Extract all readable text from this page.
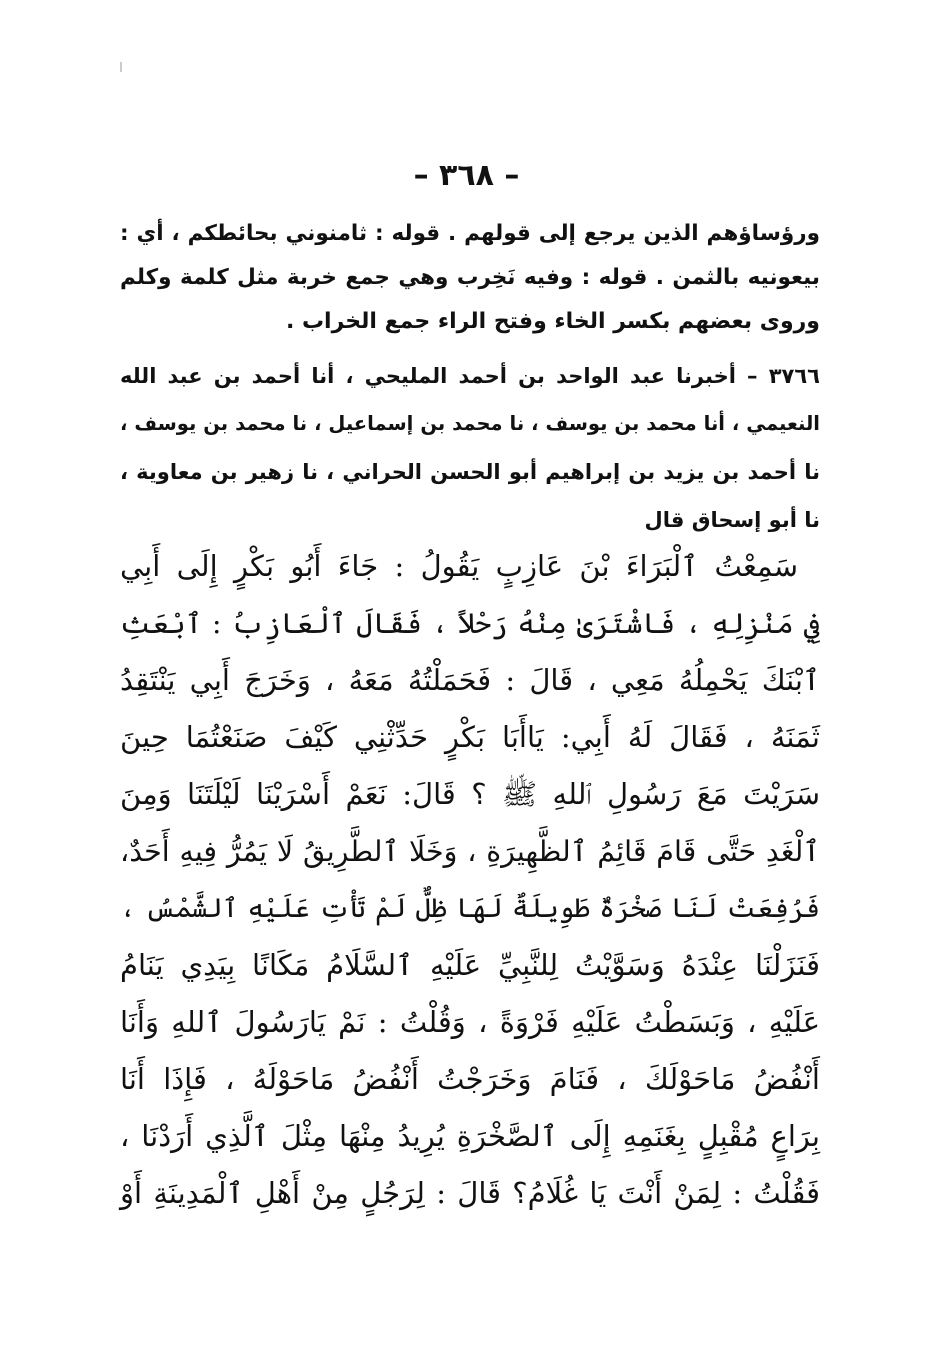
– ٣٦٨ –
ورؤساؤهم الذين يرجع إلى قولهم . قوله : ثامنوني بحائطكم ، أي :
بيعونيه بالثمن . قوله : وفيه نَخِرب وهي جمع خربة مثل كلمة وكلم
وروى بعضهم بكسر الخاء وفتح الراء جمع الخراب .
٣٧٦٦ – أخبرنا عبد الواحد بن أحمد المليحي ، أنا أحمد بن عبد الله
النعيمي ، أنا محمد بن يوسف ، نا محمد بن إسماعيل ، نا محمد بن يوسف ،
نا أحمد بن يزيد بن إبراهيم أبو الحسن الحراني ، نا زهير بن معاوية ،
نا أبو إسحاق قال
سَمِعْتُ ٱلْبَرَاءَ بْنَ عَازِبٍ يَقُولُ : جَاءَ أَبُو بَكْرٍ إِلَى أَبِي
فِي مَنْزِلِهِ ، فَاشْتَرَىٰ مِنْهُ رَحْلاً ، فَقَالَ ٱلْعَازِبُ : ٱبْعَثِ
ٱبْنَكَ يَحْمِلُهُ مَعِي ، قَالَ : فَحَمَلْتُهُ مَعَهُ ، وَخَرَجَ أَبِي يَنْتَقِدُ
ثَمَنَهُ ، فَقَالَ لَهُ أَبِي: يَاأَبَا بَكْرٍ حَدِّثْنِي كَيْفَ صَنَعْتُمَا حِينَ
سَرَيْتَ مَعَ رَسُولِ ٱللهِ ﷺ ؟ قَالَ: نَعَمْ أَسْرَيْنَا لَيْلَتَنَا وَمِنَ
ٱلْغَدِ حَتَّى قَامَ قَائِمُ ٱلظَّهِيرَةِ ، وَخَلَا ٱلطَّرِيقُ لَا يَمُرُّ فِيهِ أَحَدٌ،
فَرُفِعَتْ لَنَا صَخْرَةٌ طَوِيلَةٌ لَهَا ظِلٌّ لَمْ تَأْتِ عَلَيْهِ ٱلشَّمْسُ ،
فَنَزَلْنَا عِنْدَهُ وَسَوَّيْتُ لِلنَّبِيِّ عَلَيْهِ ٱلسَّلَامُ مَكَانًا بِيَدِي يَنَامُ
عَلَيْهِ ، وَبَسَطْتُ عَلَيْهِ فَرْوَةً ، وَقُلْتُ : نَمْ يَارَسُولَ ٱللهِ وَأَنَا
أَنْفُضُ مَاحَوْلَكَ ، فَنَامَ وَخَرَجْتُ أَنْفُضُ مَاحَوْلَهُ ، فَإِذَا أَنَا
بِرَاعٍ مُقْبِلٍ بِغَنَمِهِ إِلَى ٱلصَّخْرَةِ يُرِيدُ مِنْهَا مِثْلَ ٱلَّذِي أَرَدْنَا ،
فَقُلْتُ : لِمَنْ أَنْتَ يَا غُلَامُ؟ قَالَ : لِرَجُلٍ مِنْ أَهْلِ ٱلْمَدِينَةِ أَوْ
